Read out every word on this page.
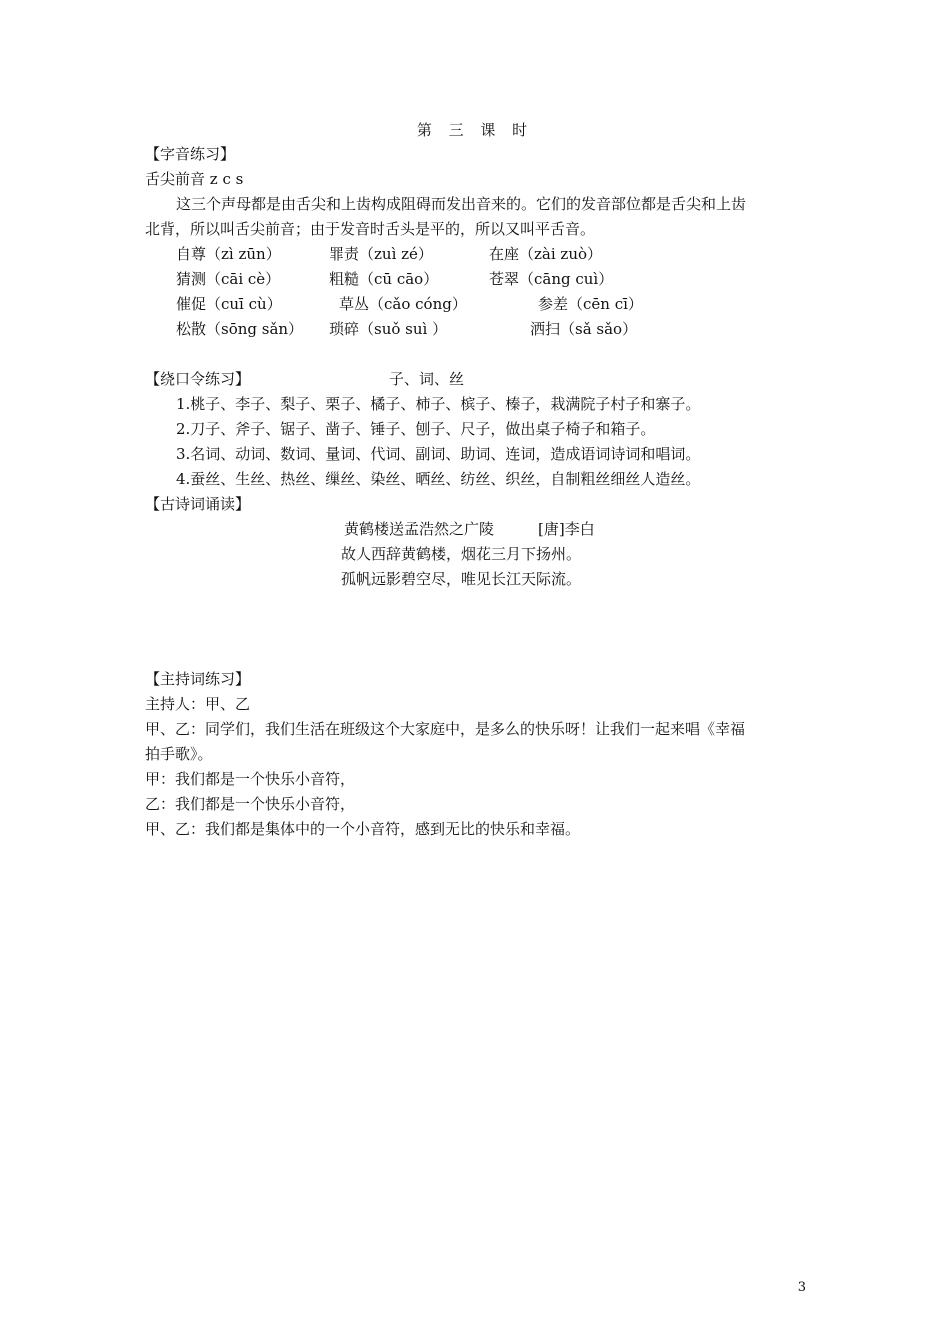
第 三 课 时
【字音练习】
舌尖前音 z c s
这三个声母都是由舌尖和上齿构成阻碍而发出音来的。它们的发音部位都是舌尖和上齿
北背，所以叫舌尖前音；由于发音时舌头是平的，所以又叫平舌音。
自尊（zì zūn）	罪责（zuì zé）	在座（zài zuò）
猜测（cāi cè）	粗糙（cū cāo）	苍翠（cāng cuì）
催促（cuī cù）	草丛（cǎo cóng）	参差（cēn cī）
松散（sōng sǎn） 琐碎（suǒ suì ）	洒扫（sǎ sǎo）
【绕口令练习】	子、词、丝
1.桃子、李子、梨子、栗子、橘子、柿子、槟子、榛子，栽满院子村子和寨子。
2.刀子、斧子、锯子、凿子、锤子、刨子、尺子，做出桌子椅子和箱子。
3.名词、动词、数词、量词、代词、副词、助词、连词，造成语词诗词和唱词。
4.蚕丝、生丝、热丝、缫丝、染丝、晒丝、纺丝、织丝，自制粗丝细丝人造丝。
【古诗词诵读】
黄鹤楼送孟浩然之广陵	[唐]李白
故人西辞黄鹤楼，烟花三月下扬州。
孤帆远影碧空尽，唯见长江天际流。
【主持词练习】
主持人：甲、乙
甲、乙：同学们，我们生活在班级这个大家庭中，是多么的快乐呀！让我们一起来唱《幸福
拍手歌》。
甲：我们都是一个快乐小音符，
乙：我们都是一个快乐小音符，
甲、乙：我们都是集体中的一个小音符，感到无比的快乐和幸福。
3
